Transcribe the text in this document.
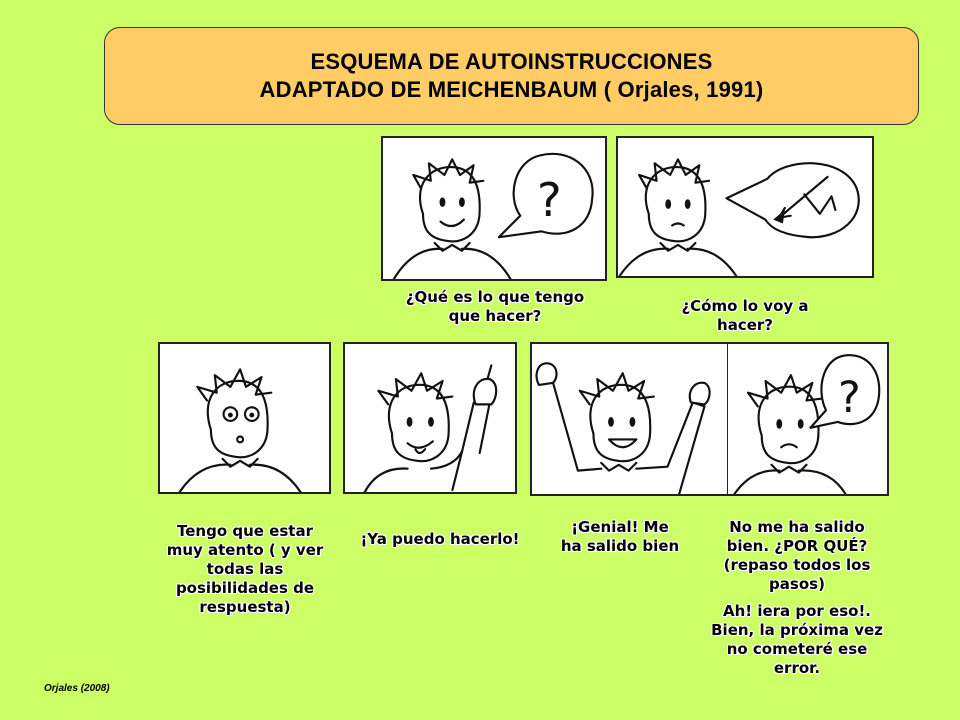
ESQUEMA DE AUTOINSTRUCCIONES
ADAPTADO DE MEICHENBAUM ( Orjales, 1991)
?

¿Qué es lo que tengo que hacer?

¿Cómo lo voy a hacer?

?

Tengo que estar muy atento ( y ver todas las posibilidades de respuesta)

¡Ya puedo hacerlo!

¡Genial! Me ha salido bien

No me ha salido bien. ¿POR QUÉ? (repaso todos los pasos)

Ah! iera por eso!. Bien, la próxima vez no cometeré ese error.

Orjales (2008)
